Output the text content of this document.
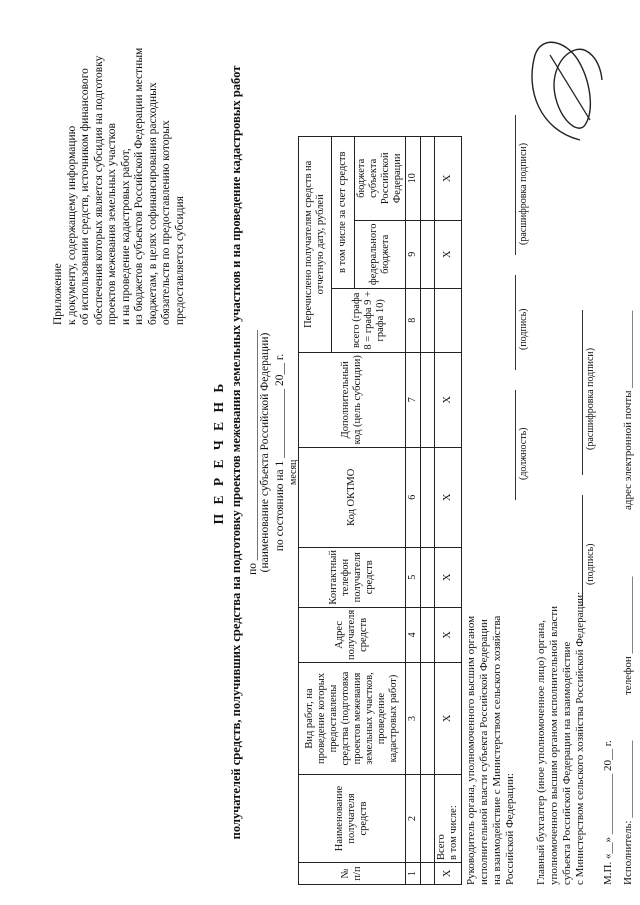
Приложение к документу, содержащему информацию об использовании средств, источником финансового обеспечения которых является субсидия на подготовку проектов межевания земельных участков и на проведение кадастровых работ, из бюджетов субъектов Российской Федерации местным бюджетам, в целях софинансирования расходных обязательств по предоставлению которых предоставляется субсидия
П Е Р Е Ч Е Н Ь получателей средств, получивших средства на подготовку проектов межевания земельных участков и на проведение кадастровых работ по ________________________________________ (наименование субъекта Российской Федерации) по состоянию на 1 ____________ 20__ г. месяц
№ п/п	Наименование получателя средств	Вид работ, на проведение которых предоставлены средства (подготовка проектов межевания земельных участков, проведение кадастровых работ)	Адрес получателя средств	Контактный телефон получателя средств	Код ОКТМО	Дополнительный код (цель субсидии)	Перечислено получателям средств на отчетную дату, рублей		
							всего (графа 8 = графа 9 + графа 10)	в том числе за счет средств	
								федерального бюджета	бюджета субъекта Российской Федерации
1	2	3	4	5	6	7	8	9	10

X	Всего в том числе:	X	X	X	X	X		X	X
Руководитель органа, уполномоченного высшим органом исполнительной власти субъекта Российской Федерации на взаимодействие с Министерством сельского хозяйства Российской Федерации:
(должность)
(подпись)
(расшифровка подписи)
Главный бухгалтер (иное уполномоченное лицо) органа, уполномоченного высшим органом исполнительной власти субъекта Российской Федерации на взаимодействие с Министерством сельского хозяйства Российской Федерации:
(подпись)
(расшифровка подписи)
М.П. «__» ___________ 20__ г. Исполнитель: ______________
телефон ______________
адрес электронной почты ______________
